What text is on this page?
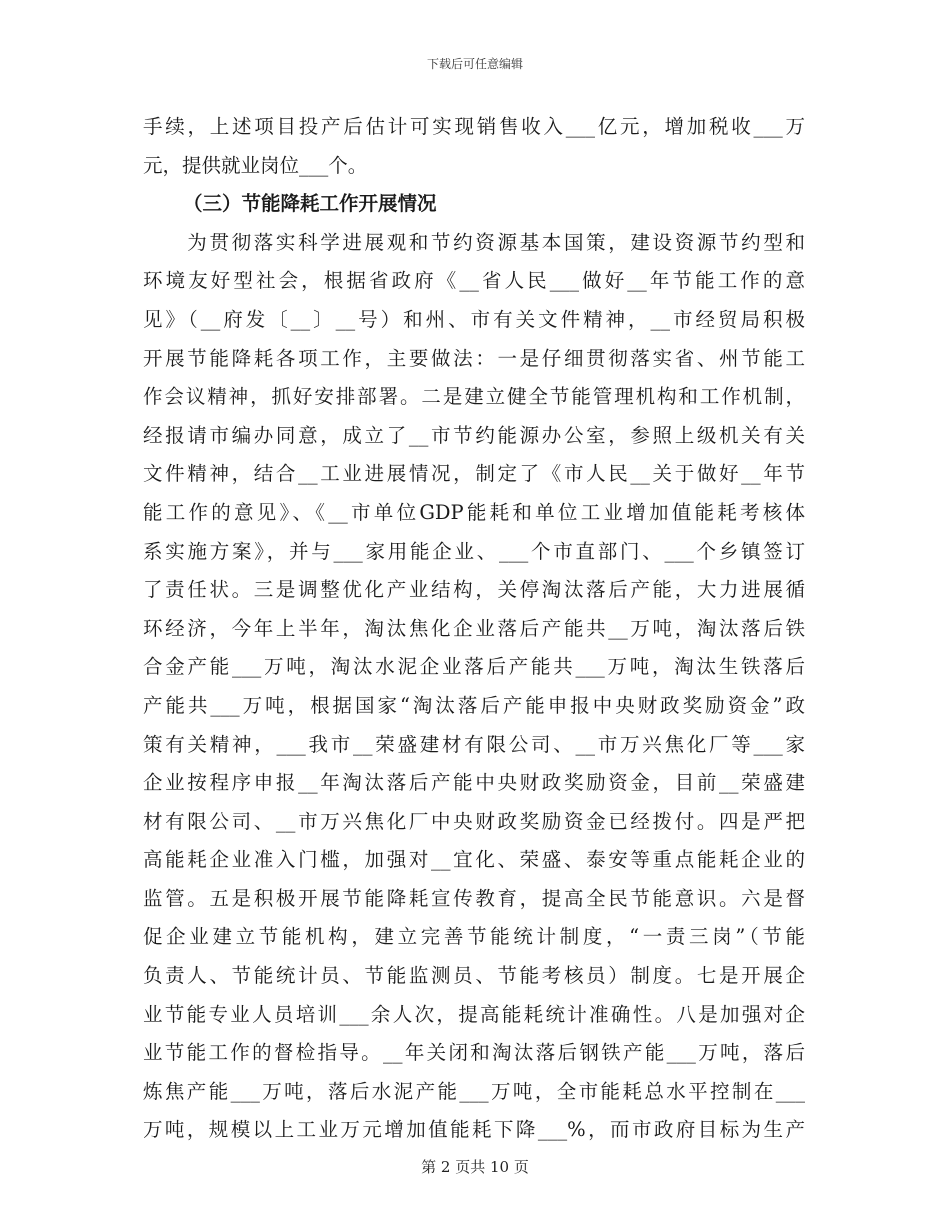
下载后可任意编辑
手续，上述项目投产后估计可实现销售收入___亿元，增加税收___万
元，提供就业岗位___个。
（三）节能降耗工作开展情况
　　为贯彻落实科学进展观和节约资源基本国策，建设资源节约型和
环境友好型社会，根据省政府《__省人民___做好__年节能工作的意
见》（__府发〔__〕__号）和州、市有关文件精神，__市经贸局积极
开展节能降耗各项工作，主要做法：一是仔细贯彻落实省、州节能工
作会议精神，抓好安排部署。二是建立健全节能管理机构和工作机制，
经报请市编办同意，成立了__市节约能源办公室，参照上级机关有关
文件精神，结合__工业进展情况，制定了《市人民__关于做好__年节
能工作的意见》、《__市单位GDP能耗和单位工业增加值能耗考核体
系实施方案》，并与___家用能企业、___个市直部门、___个乡镇签订
了责任状。三是调整优化产业结构，关停淘汰落后产能，大力进展循
环经济，今年上半年，淘汰焦化企业落后产能共__万吨，淘汰落后铁
合金产能___万吨，淘汰水泥企业落后产能共___万吨，淘汰生铁落后
产能共___万吨，根据国家“淘汰落后产能申报中央财政奖励资金”政
策有关精神，___我市__荣盛建材有限公司、__市万兴焦化厂等___家
企业按程序申报__年淘汰落后产能中央财政奖励资金，目前__荣盛建
材有限公司、__市万兴焦化厂中央财政奖励资金已经拨付。四是严把
高能耗企业准入门槛，加强对__宜化、荣盛、泰安等重点能耗企业的
监管。五是积极开展节能降耗宣传教育，提高全民节能意识。六是督
促企业建立节能机构，建立完善节能统计制度，“一责三岗”（节能
负责人、节能统计员、节能监测员、节能考核员）制度。七是开展企
业节能专业人员培训___余人次，提高能耗统计准确性。八是加强对企
业节能工作的督检指导。__年关闭和淘汰落后钢铁产能___万吨，落后
炼焦产能___万吨，落后水泥产能___万吨，全市能耗总水平控制在___
万吨，规模以上工业万元增加值能耗下降___%，而市政府目标为生产
第 2 页共 10 页
